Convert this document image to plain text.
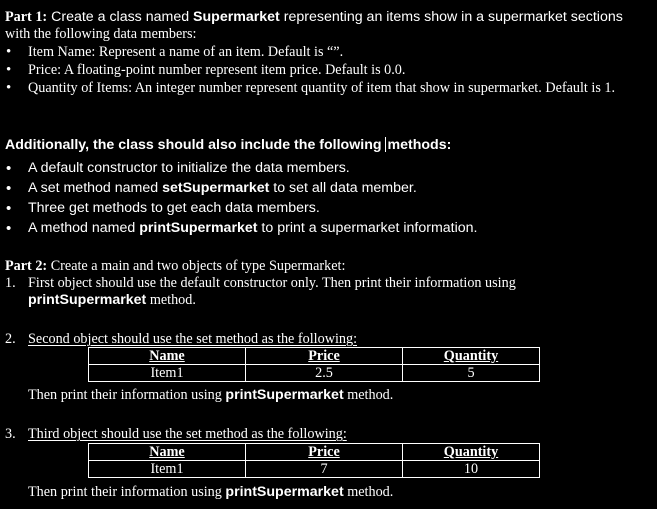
Part 1: Create a class named Supermarket representing an items show in a supermarket sections

with the following data members:

• Item Name: Represent a name of an item. Default is “”.
• Price: A floating-point number represent item price. Default is 0.0.
• Quantity of Items: An integer number represent quantity of item that show in supermarket. Default is 1.

Additionally, the class should also include the following methods:

• A default constructor to initialize the data members.
• A set method named setSupermarket to set all data member.
• Three get methods to get each data members.
• A method named printSupermarket to print a supermarket information.

Part 2: Create a main and two objects of type Supermarket:

1. First object should use the default constructor only. Then print their information using
printSupermarket method.
2. Second object should use the set method as the following:
Name	Price	Quantity
Item1	2.5	5
Then print their information using printSupermarket method.
3. Third object should use the set method as the following:
Name	Price	Quantity
Item1	7	10
Then print their information using printSupermarket method.
